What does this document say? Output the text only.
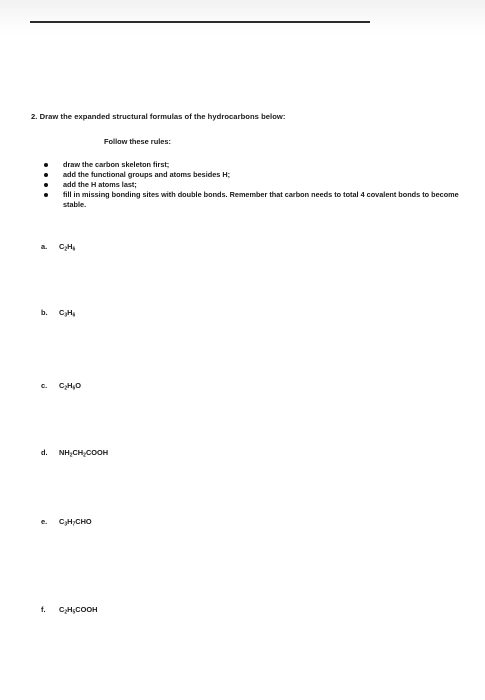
2. Draw the expanded structural formulas of the hydrocarbons below:
Follow these rules:
draw the carbon skeleton first;
add the functional groups and atoms besides H;
add the H atoms last;
fill in missing bonding sites with double bonds. Remember that carbon needs to total 4 covalent bonds to become stable.
a. $C_2H_6$
b. $C_3H_6$
c. $C_2H_6O$
d. $NH_2CH_2COOH$
e. $C_3H_7CHO$
f. $C_2H_5COOH$
